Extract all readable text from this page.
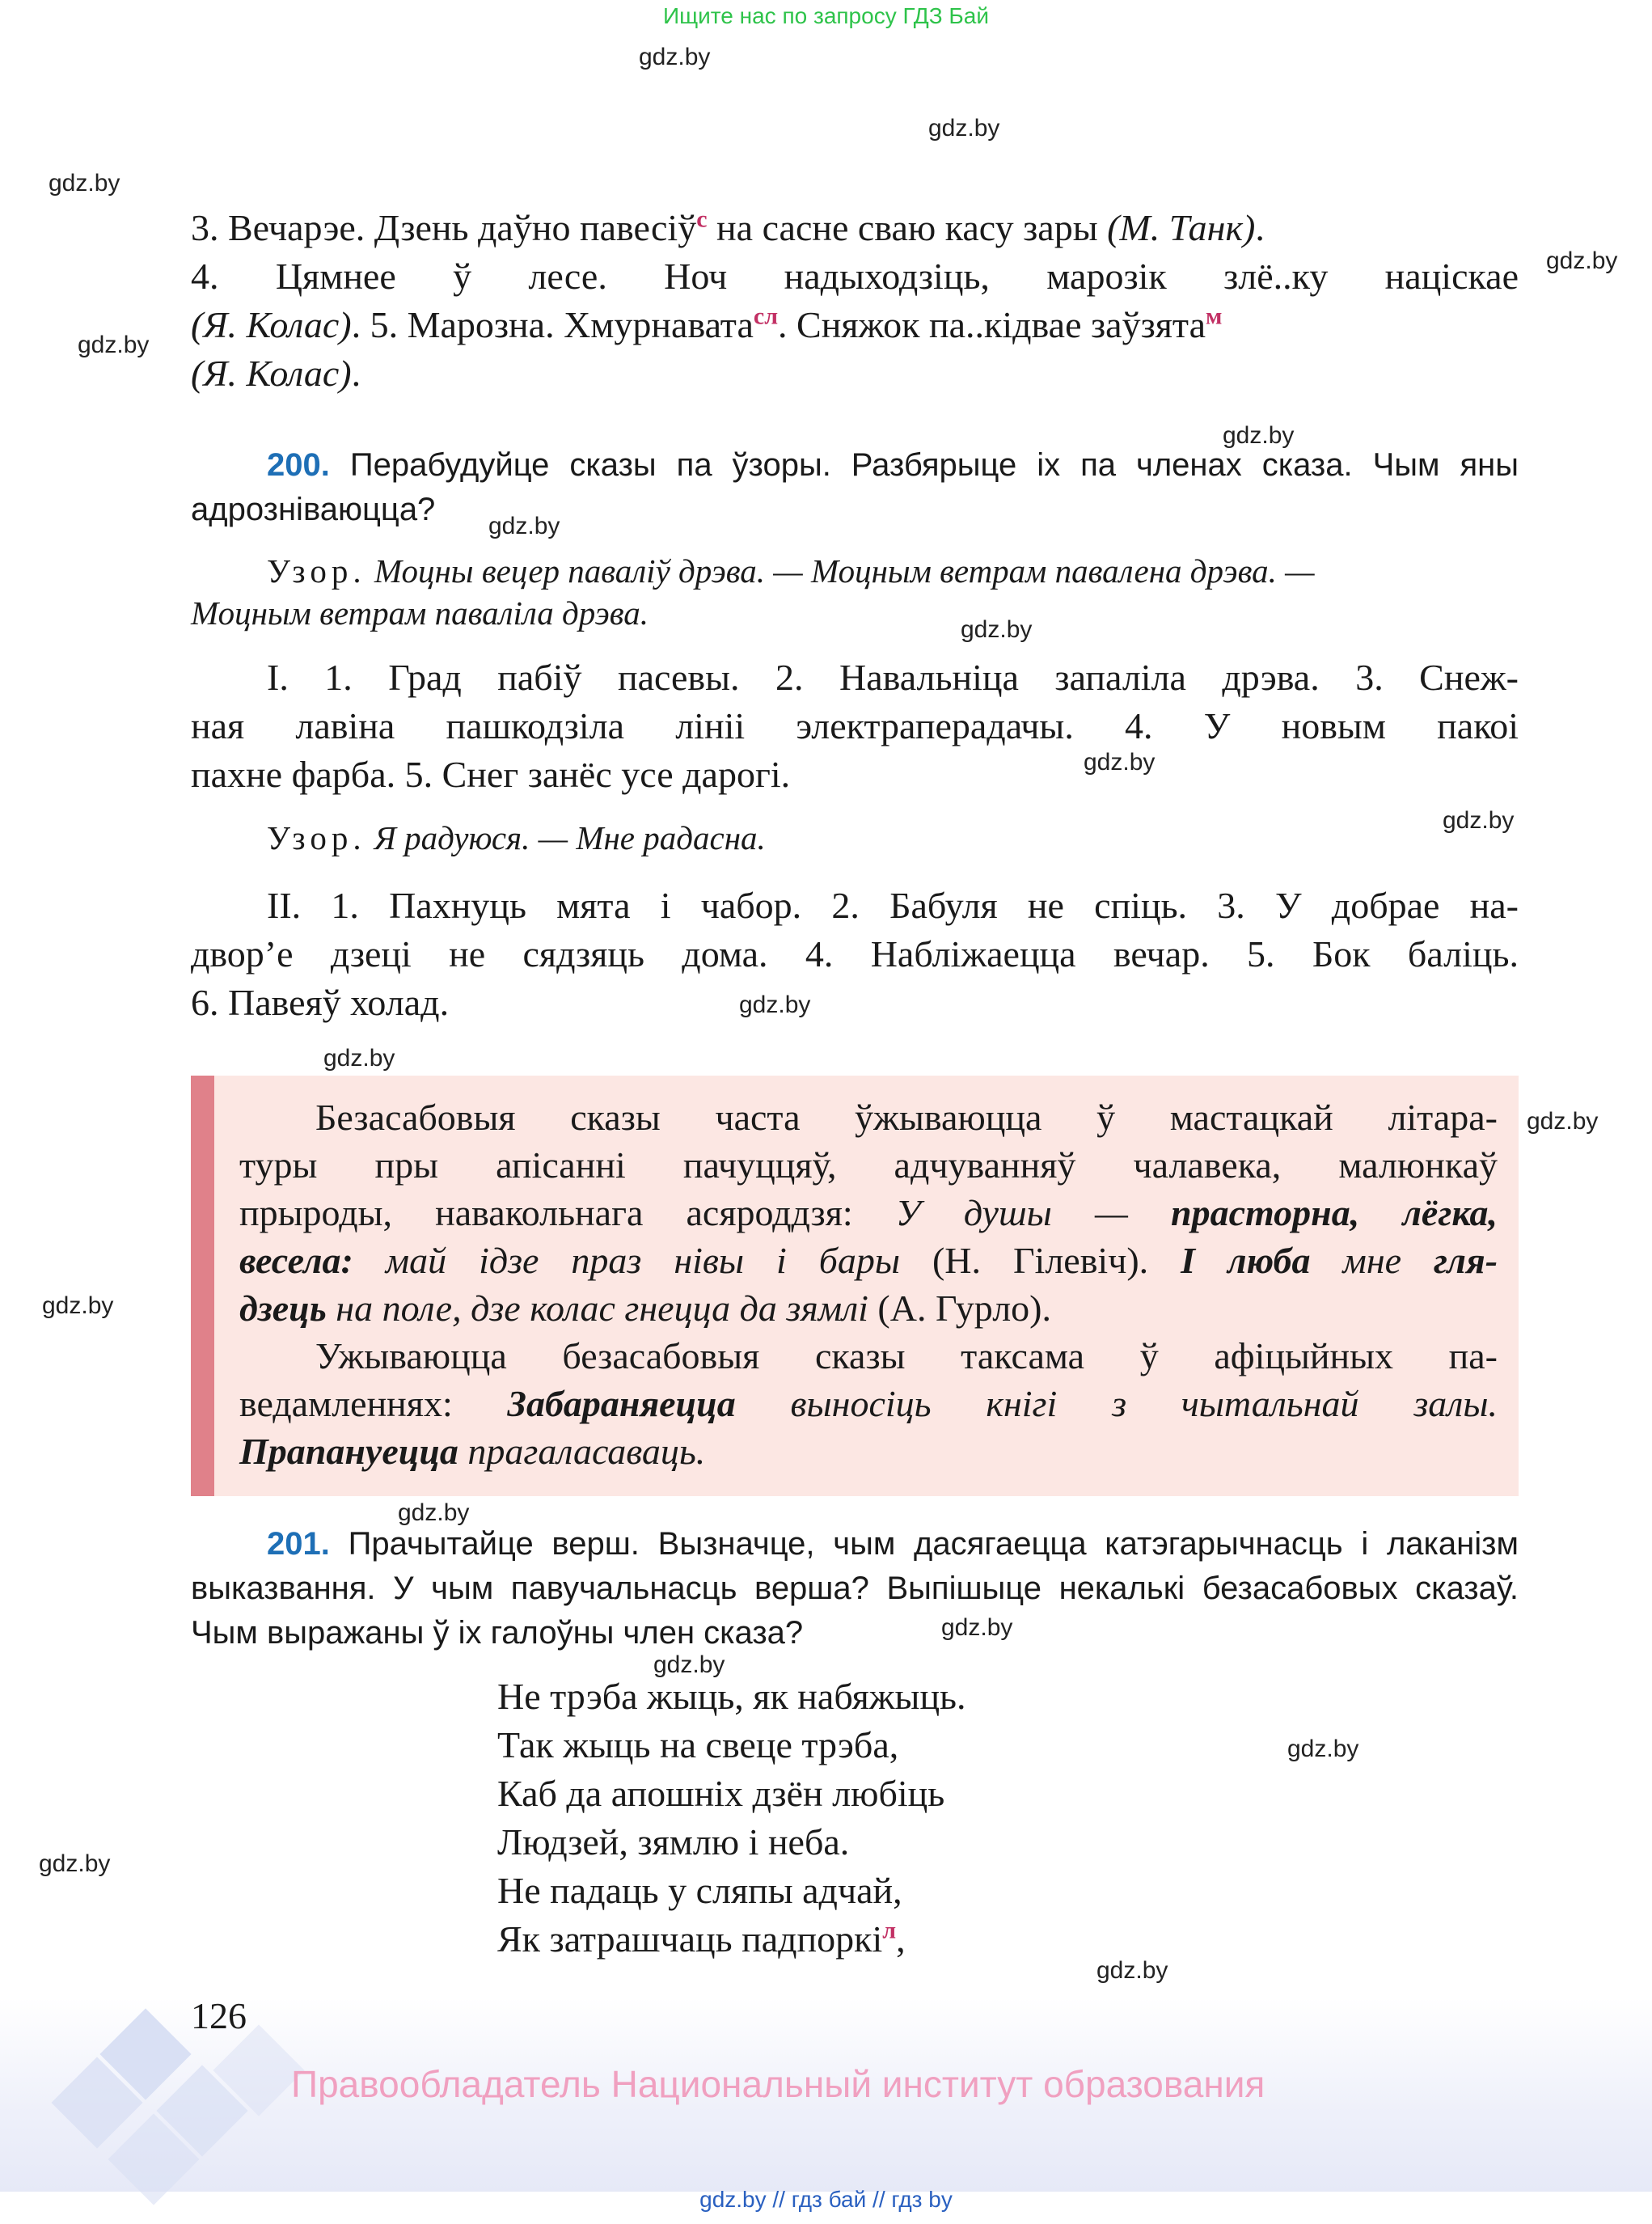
Ищите нас по запросу ГДЗ Бай
gdz.by
gdz.by
gdz.by
gdz.by
gdz.by
gdz.by
gdz.by
gdz.by
gdz.by
gdz.by
gdz.by
gdz.by
gdz.by
gdz.by
gdz.by
gdz.by
gdz.by
gdz.by
gdz.by
gdz.by
3. Вечарэе. Дзень даўно павесіў$^с$ на сасне сваю касу зары (М. Танк).
4. Цямнее ў лесе. Ноч надыходзіць, марозік злё..ку націскае
(Я. Колас). 5. Марозна. Хмурнавата$^{сл}$. Сняжок па..кідвае заўзята$^м$
(Я. Колас).
200. Перабудуйце сказы па ўзоры. Разбярыце іх па членах сказа. Чым яны
адрозніваюцца?
Узор. Моцны вецер паваліў дрэва. — Моцным ветрам павалена дрэва. —
Моцным ветрам паваліла дрэва.
I. 1. Град пабіў пасевы. 2. Навальніца запаліла дрэва. 3. Снеж-
ная лавіна пашкодзіла лініі электраперадачы. 4. У новым пакоі
пахне фарба. 5. Снег занёс усе дарогі.
Узор. Я радуюся. — Мне радасна.
II. 1. Пахнуць мята і чабор. 2. Бабуля не спіць. 3. У добрае на-
двор’е дзеці не сядзяць дома. 4. Набліжаецца вечар. 5. Бок баліць.
6. Павеяў холад.
Безасабовыя сказы часта ўжываюцца ў мастацкай літара-
туры пры апісанні пачуццяў, адчуванняў чалавека, малюнкаў
прыроды, навакольнага асяроддзя: У душы — прасторна, лёгка,
весела: май ідзе праз нівы і бары (Н. Гілевіч). І люба мне гля-
дзець на поле, дзе колас гнецца да зямлі (А. Гурло).
Ужываюцца безасабовыя сказы таксама ў афіцыйных па-
ведамленнях: Забараняецца выносіць кнігі з чытальнай залы.
Прапануецца прагаласаваць.
201. Прачытайце верш. Вызначце, чым дасягаецца катэгарычнасць і лаканізм
выказвання. У чым павучальнасць верша? Выпішыце некалькі безасабовых сказаў.
Чым выражаны ў іх галоўны член сказа?
Не трэба жыць, як набяжыць.
Так жыць на свеце трэба,
Каб да апошніх дзён любіць
Людзей, зямлю і неба.
Не падаць у сляпы адчай,
Як затрашчаць падпоркі$^л$,
126
Правообладатель Национальный институт образования
gdz.by // гдз бай // гдз by
